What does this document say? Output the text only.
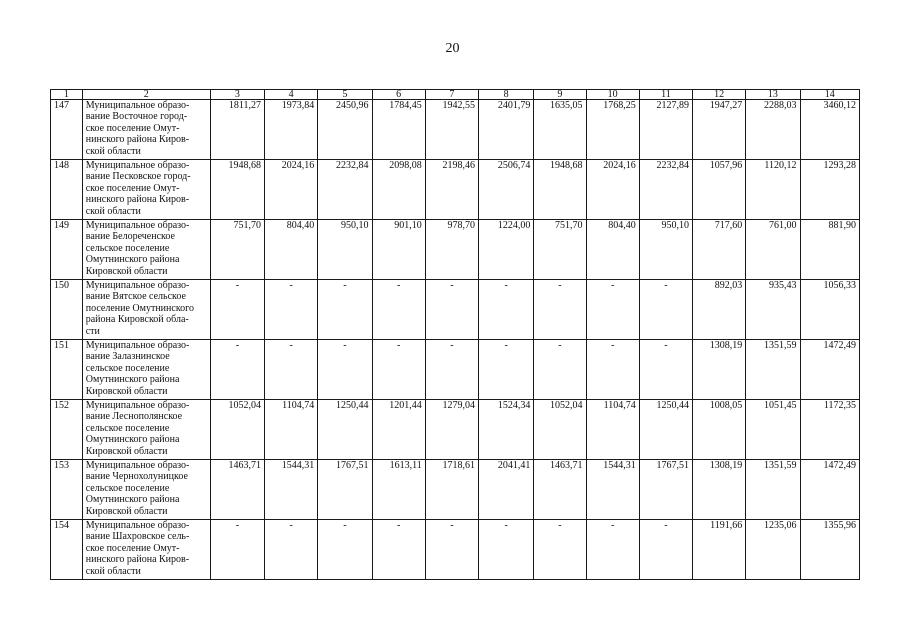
20
1	2	3	4	5	6	7	8	9	10	11	12	13	14
147	Муниципальное образо-
вание Восточное город-
ское поселение Омут-
нинского района Киров-
ской области	1811,27	1973,84	2450,96	1784,45	1942,55	2401,79	1635,05	1768,25	2127,89	1947,27	2288,03	3460,12
148	Муниципальное образо-
вание Песковское город-
ское поселение Омут-
нинского района Киров-
ской области	1948,68	2024,16	2232,84	2098,08	2198,46	2506,74	1948,68	2024,16	2232,84	1057,96	1120,12	1293,28
149	Муниципальное образо-
вание Белореченское
сельское поселение
Омутнинского района
Кировской области	751,70	804,40	950,10	901,10	978,70	1224,00	751,70	804,40	950,10	717,60	761,00	881,90
150	Муниципальное образо-
вание Вятское сельское
поселение Омутнинского
района Кировской обла-
сти	-	-	-	-	-	-	-	-	-	892,03	935,43	1056,33
151	Муниципальное образо-
вание Залазнинское
сельское поселение
Омутнинского района
Кировской области	-	-	-	-	-	-	-	-	-	1308,19	1351,59	1472,49
152	Муниципальное образо-
вание Леснополянское
сельское поселение
Омутнинского района
Кировской области	1052,04	1104,74	1250,44	1201,44	1279,04	1524,34	1052,04	1104,74	1250,44	1008,05	1051,45	1172,35
153	Муниципальное образо-
вание Чернохолуницкое
сельское поселение
Омутнинского района
Кировской области	1463,71	1544,31	1767,51	1613,11	1718,61	2041,41	1463,71	1544,31	1767,51	1308,19	1351,59	1472,49
154	Муниципальное образо-
вание Шахровское сель-
ское поселение Омут-
нинского района Киров-
ской области	-	-	-	-	-	-	-	-	-	1191,66	1235,06	1355,96
